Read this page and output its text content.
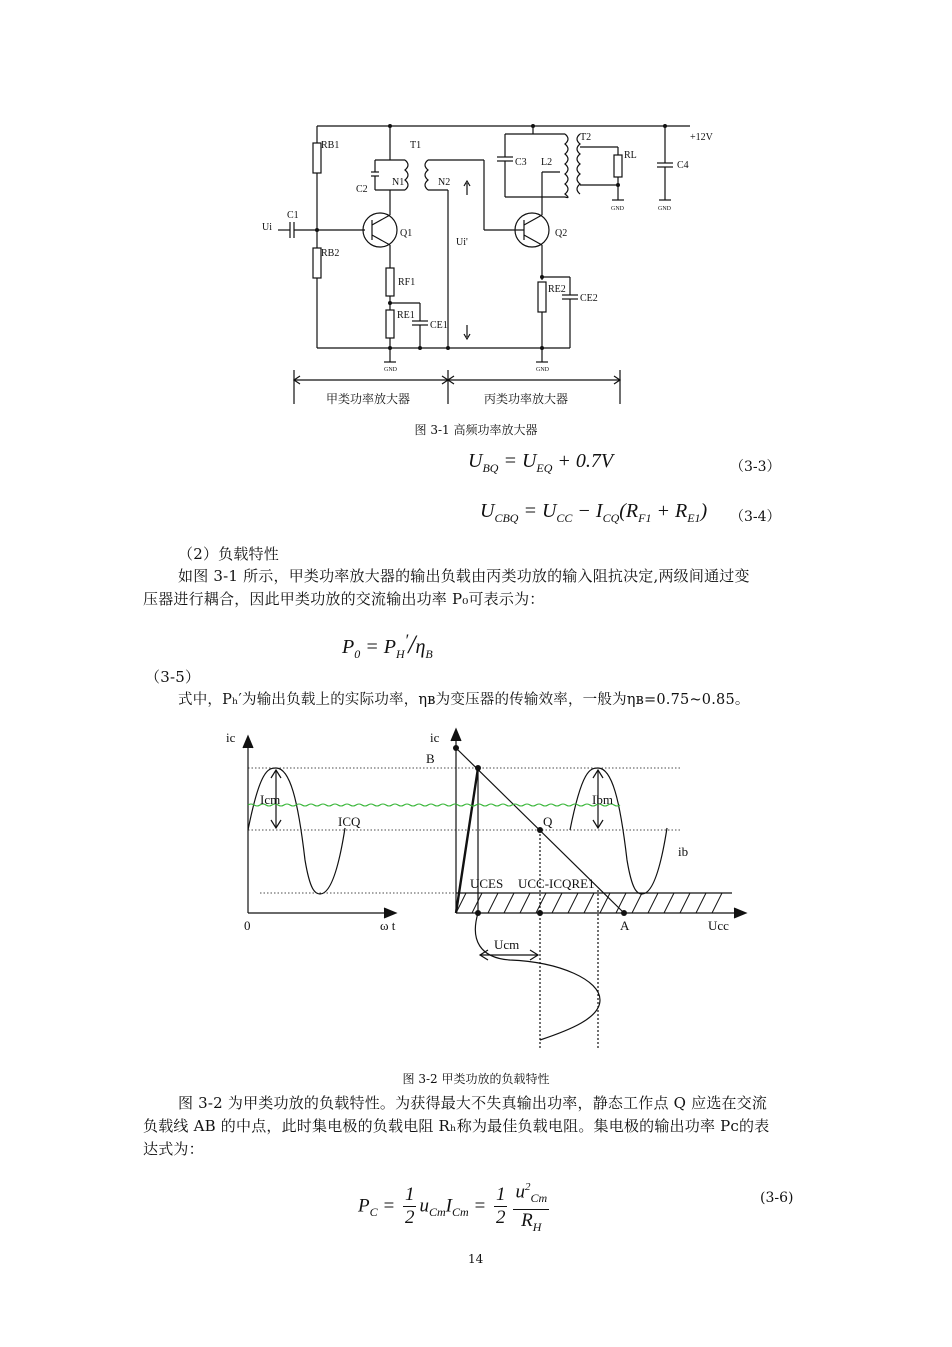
RB1
RB2
T1
T2
N1	N2
C1
C2
C3	C4
L2
RL
Q1	Q2
Ui
Ui'
+12V
RF1
RE1
CE1
RE2
CE2
GND	GND
GND	GND
甲类功率放大器	丙类功率放大器
图 3-1 高频功率放大器
$U_{BQ} = U_{EQ} + 0.7V$	（3-3）
$U_{CBQ} = U_{CC} - I_{CQ}(R_{F1} + R_{E1})$ （3-4）
（2）负载特性
如图 3-1 所示，甲类功率放大器的输出负载由丙类功放的输入阻抗决定,两级间通过变
压器进行耦合，因此甲类功放的交流输出功率 P₀可表示为：
$P_0 = P_H'/\eta_B$
（3-5）
式中，Pₕ′为输出负载上的实际功率，ηʙ为变压器的传输效率，一般为ηʙ=0.75~0.85。
ic	ic
B
Icm
ICQ
Ibm
Q
ib
UCES UCC-ICQRE1
0	ω t	A	Ucc
Ucm
图 3-2 甲类功放的负载特性
图 3-2 为甲类功放的负载特性。为获得最大不失真输出功率，静态工作点 Q 应选在交流
负载线 AB 的中点，此时集电极的负载电阻 Rₕ称为最佳负载电阻。集电极的输出功率 Pᴄ的表
达式为：
$P_C = \frac{1}{2} u_{Cm}I_{Cm} = \frac{1}{2} \frac{u^2_{Cm}}{R_H}$	(3-6)
14
